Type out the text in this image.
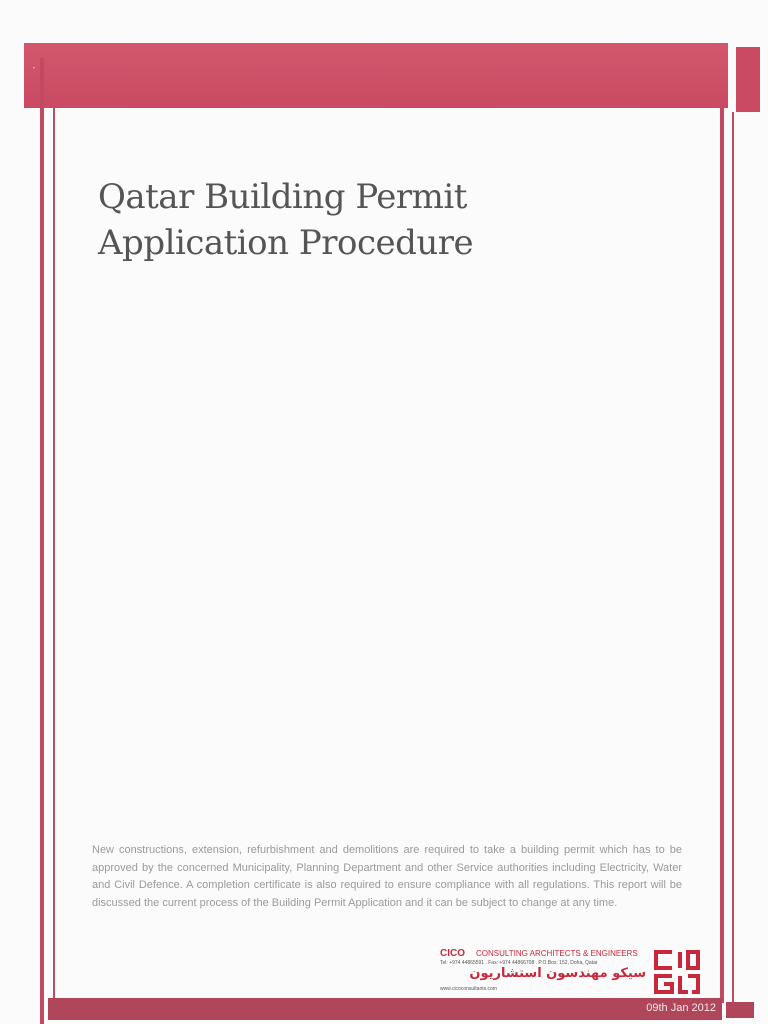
ˊ
Qatar Building Permit
Application Procedure

New constructions, extension, refurbishment and demolitions are required to take a building permit which has to be approved by the concerned Municipality, Planning Department and other Service authorities including Electricity, Water and Civil Defence. A completion certificate is also required to ensure compliance with all regulations. This report will be discussed the current process of the Building Permit Application and it can be subject to change at any time.

CICO CONSULTING ARCHITECTS & ENGINEERS
Tel: +974 44865591 . Fax: +974 44866708 . P.O.Box: 152, Doha, Qatar
سيكو مهندسون استشاريون
www.cicoconsultants.com
09th Jan 2012
